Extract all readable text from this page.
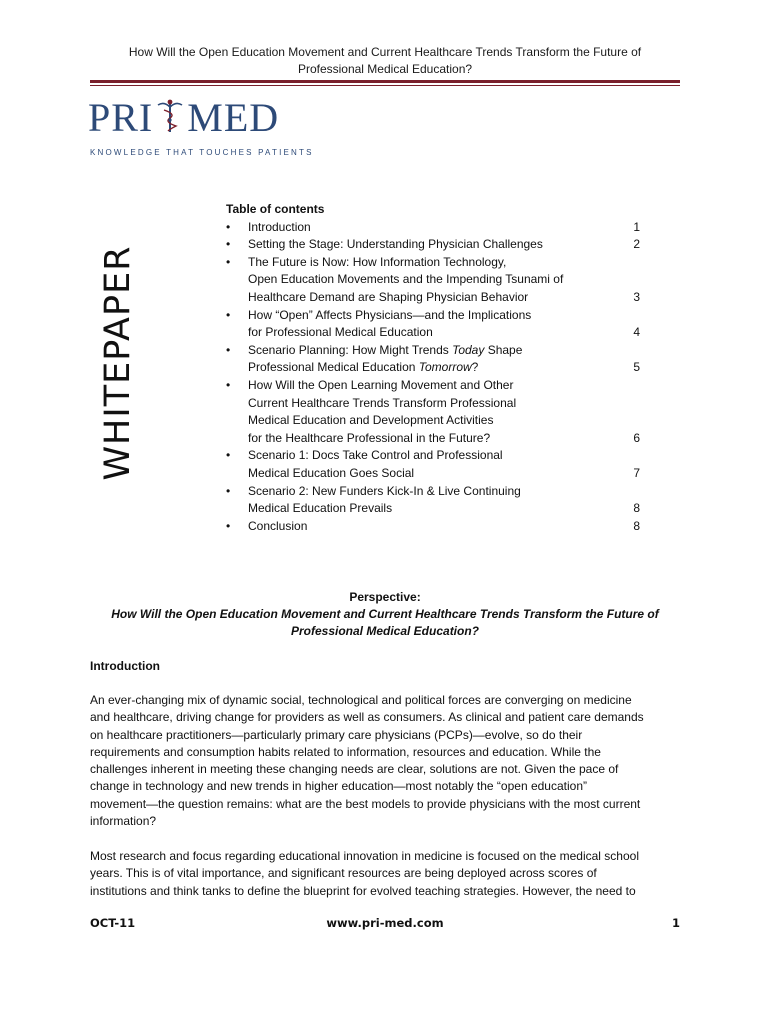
How Will the Open Education Movement and Current Healthcare Trends Transform the Future of
Professional Medical Education?
PRI MED
KNOWLEDGE THAT TOUCHES PATIENTS
WHITEPAPER
Table of contents
• Introduction	1
• Setting the Stage: Understanding Physician Challenges	2
• The Future is Now: How Information Technology,
Open Education Movements and the Impending Tsunami of
Healthcare Demand are Shaping Physician Behavior	3
• How “Open” Affects Physicians—and the Implications
for Professional Medical Education	4
• Scenario Planning: How Might Trends Today Shape
Professional Medical Education Tomorrow?	5
• How Will the Open Learning Movement and Other
Current Healthcare Trends Transform Professional
Medical Education and Development Activities
for the Healthcare Professional in the Future?	6
• Scenario 1: Docs Take Control and Professional
Medical Education Goes Social	7
• Scenario 2: New Funders Kick-In & Live Continuing
Medical Education Prevails	8
• Conclusion	8
Perspective:
How Will the Open Education Movement and Current Healthcare Trends Transform the Future of
Professional Medical Education?
Introduction
An ever-changing mix of dynamic social, technological and political forces are converging on medicine
and healthcare, driving change for providers as well as consumers. As clinical and patient care demands
on healthcare practitioners—particularly primary care physicians (PCPs)—evolve, so do their
requirements and consumption habits related to information, resources and education. While the
challenges inherent in meeting these changing needs are clear, solutions are not. Given the pace of
change in technology and new trends in higher education—most notably the “open education”
movement—the question remains: what are the best models to provide physicians with the most current
information?
Most research and focus regarding educational innovation in medicine is focused on the medical school
years. This is of vital importance, and significant resources are being deployed across scores of
institutions and think tanks to define the blueprint for evolved teaching strategies. However, the need to
OCT-11	www.pri-med.com	1
